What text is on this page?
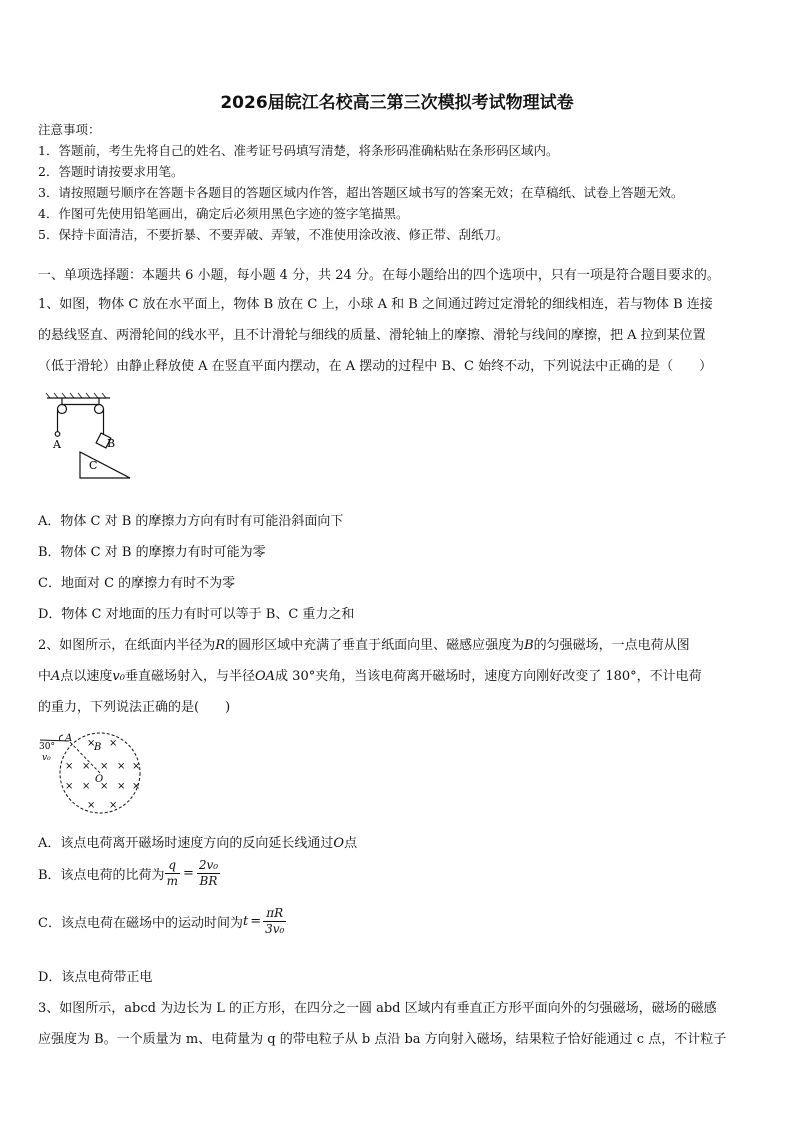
2026届皖江名校高三第三次模拟考试物理试卷
注意事项：
1．答题前，考生先将自己的姓名、准考证号码填写清楚，将条形码准确粘贴在条形码区域内。
2．答题时请按要求用笔。
3．请按照题号顺序在答题卡各题目的答题区域内作答，超出答题区域书写的答案无效；在草稿纸、试卷上答题无效。
4．作图可先使用铅笔画出，确定后必须用黑色字迹的签字笔描黑。
5．保持卡面清洁，不要折暴、不要弄破、弄皱，不准使用涂改液、修正带、刮纸刀。
一、单项选择题：本题共 6 小题，每小题 4 分，共 24 分。在每小题给出的四个选项中，只有一项是符合题目要求的。
1、如图，物体 C 放在水平面上，物体 B 放在 C 上，小球 A 和 B 之间通过跨过定滑轮的细线相连，若与物体 B 连接
的悬线竖直、两滑轮间的线水平，且不计滑轮与细线的质量、滑轮轴上的摩擦、滑轮与线间的摩擦，把 A 拉到某位置
（低于滑轮）由静止释放使 A 在竖直平面内摆动，在 A 摆动的过程中 B、C 始终不动，下列说法中正确的是（　　）
A	B
C
A．物体 C 对 B 的摩擦力方向有时有可能沿斜面向下
B．物体 C 对 B 的摩擦力有时可能为零
C．地面对 C 的摩擦力有时不为零
D．物体 C 对地面的压力有时可以等于 B、C 重力之和
2、如图所示，在纸面内半径为R的圆形区域中充满了垂直于纸面向里、磁感应强度为B的匀强磁场，一点电荷从图
中A点以速度v₀垂直磁场射入，与半径OA成 30°夹角，当该电荷离开磁场时，速度方向刚好改变了 180°，不计电荷
的重力，下列说法正确的是(　　)
30°
v₀
A
B
O
× ×
× × × × ×
× × × × ×
× ×
A．该点电荷离开磁场时速度方向的反向延长线通过O点
B．该点电荷的比荷为 $\frac{q}{m} = \frac{\text{2v₀}}{BR}$
C．该点电荷在磁场中的运动时间为$t = \frac{\pi R}{\text{3v₀}}$
D．该点电荷带正电
3、如图所示，abcd 为边长为 L 的正方形，在四分之一圆 abd 区域内有垂直正方形平面向外的匀强磁场，磁场的磁感
应强度为 B。一个质量为 m、电荷量为 q 的带电粒子从 b 点沿 ba 方向射入磁场，结果粒子恰好能通过 c 点，不计粒子
